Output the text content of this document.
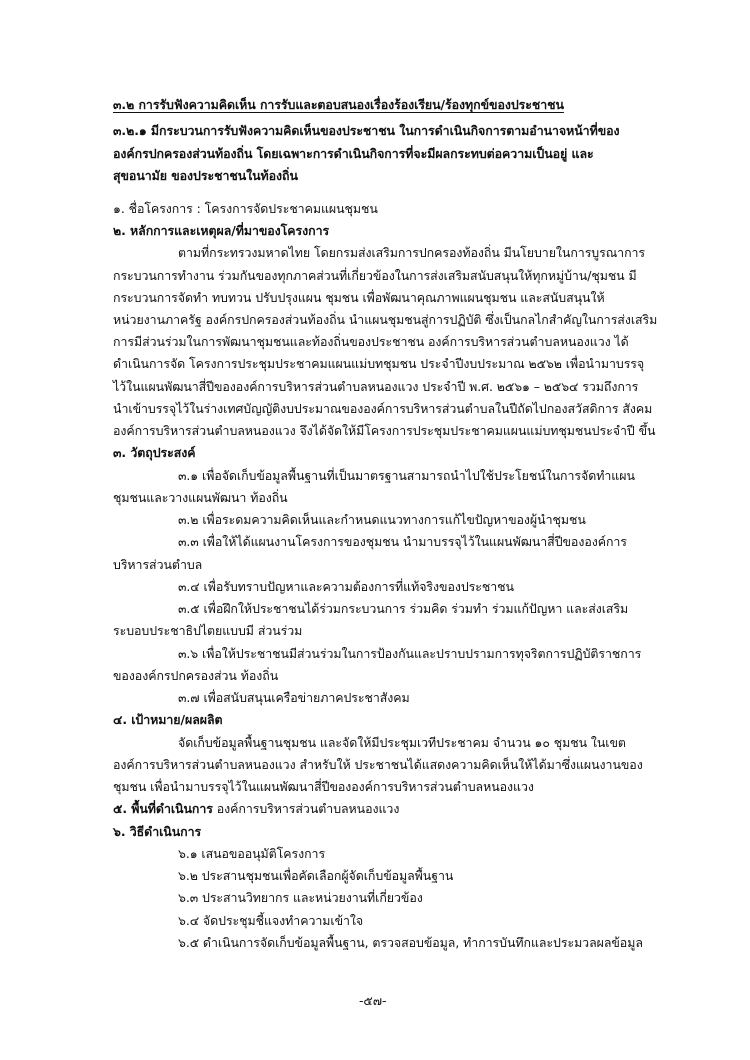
๓.๒ การรับฟังความคิดเห็น การรับและตอบสนองเรื่องร้องเรียน/ร้องทุกข์ของประชาชน
๓.๒.๑ มีกระบวนการรับฟังความคิดเห็นของประชาชน ในการดำเนินกิจการตามอำนาจหน้าที่ของ
องค์กรปกครองส่วนท้องถิ่น โดยเฉพาะการดำเนินกิจการที่จะมีผลกระทบต่อความเป็นอยู่ และ
สุขอนามัย ของประชาชนในท้องถิ่น
๑. ชื่อโครงการ : โครงการจัดประชาคมแผนชุมชน
๒. หลักการและเหตุผล/ที่มาของโครงการ
ตามที่กระทรวงมหาดไทย โดยกรมส่งเสริมการปกครองท้องถิ่น มีนโยบายในการบูรณาการ
กระบวนการทำงาน ร่วมกันของทุกภาคส่วนที่เกี่ยวข้องในการส่งเสริมสนับสนุนให้ทุกหมู่บ้าน/ชุมชน มี
กระบวนการจัดทำ ทบทวน ปรับปรุงแผน ชุมชน เพื่อพัฒนาคุณภาพแผนชุมชน และสนับสนุนให้
หน่วยงานภาครัฐ องค์กรปกครองส่วนท้องถิ่น นำแผนชุมชนสู่การปฏิบัติ ซึ่งเป็นกลไกสำคัญในการส่งเสริม
การมีส่วนร่วมในการพัฒนาชุมชนและท้องถิ่นของประชาชน องค์การบริหารส่วนตำบลหนองแวง ได้
ดำเนินการจัด โครงการประชุมประชาคมแผนแม่บทชุมชน ประจำปีงบประมาณ ๒๕๖๒ เพื่อนำมาบรรจุ
ไว้ในแผนพัฒนาสี่ปีขององค์การบริหารส่วนตำบลหนองแวง ประจำปี พ.ศ. ๒๕๖๑ – ๒๕๖๔ รวมถึงการ
นำเข้าบรรจุไว้ในร่างเทศบัญญัติงบประมาณขององค์การบริหารส่วนตำบลในปีถัดไปกองสวัสดิการ สังคม
องค์การบริหารส่วนตำบลหนองแวง จึงได้จัดให้มีโครงการประชุมประชาคมแผนแม่บทชุมชนประจำปี ขึ้น
๓. วัตถุประสงค์
๓.๑ เพื่อจัดเก็บข้อมูลพื้นฐานที่เป็นมาตรฐานสามารถนำไปใช้ประโยชน์ในการจัดทำแผน
ชุมชนและวางแผนพัฒนา ท้องถิ่น
๓.๒ เพื่อระดมความคิดเห็นและกำหนดแนวทางการแก้ไขปัญหาของผู้นำชุมชน
๓.๓ เพื่อให้ได้แผนงานโครงการของชุมชน นำมาบรรจุไว้ในแผนพัฒนาสี่ปีขององค์การ
บริหารส่วนตำบล
๓.๔ เพื่อรับทราบปัญหาและความต้องการที่แท้จริงของประชาชน
๓.๕ เพื่อฝึกให้ประชาชนได้ร่วมกระบวนการ ร่วมคิด ร่วมทำ ร่วมแก้ปัญหา และส่งเสริม
ระบอบประชาธิปไตยแบบมี ส่วนร่วม
๓.๖ เพื่อให้ประชาชนมีส่วนร่วมในการป้องกันและปราบปรามการทุจริตการปฏิบัติราชการ
ขององค์กรปกครองส่วน ท้องถิ่น
๓.๗ เพื่อสนับสนุนเครือข่ายภาคประชาสังคม
๔. เป้าหมาย/ผลผลิต
จัดเก็บข้อมูลพื้นฐานชุมชน และจัดให้มีประชุมเวทีประชาคม จำนวน ๑๐ ชุมชน ในเขต
องค์การบริหารส่วนตำบลหนองแวง สำหรับให้ ประชาชนได้แสดงความคิดเห็นให้ได้มาซึ่งแผนงานของ
ชุมชน เพื่อนำมาบรรจุไว้ในแผนพัฒนาสี่ปีขององค์การบริหารส่วนตำบลหนองแวง
๕. พื้นที่ดำเนินการ องค์การบริหารส่วนตำบลหนองแวง
๖. วิธีดำเนินการ
๖.๑ เสนอขออนุมัติโครงการ
๖.๒ ประสานชุมชนเพื่อคัดเลือกผู้จัดเก็บข้อมูลพื้นฐาน
๖.๓ ประสานวิทยากร และหน่วยงานที่เกี่ยวข้อง
๖.๔ จัดประชุมชี้แจงทำความเข้าใจ
๖.๕ ดำเนินการจัดเก็บข้อมูลพื้นฐาน, ตรวจสอบข้อมูล, ทำการบันทึกและประมวลผลข้อมูล
-๕๗-
